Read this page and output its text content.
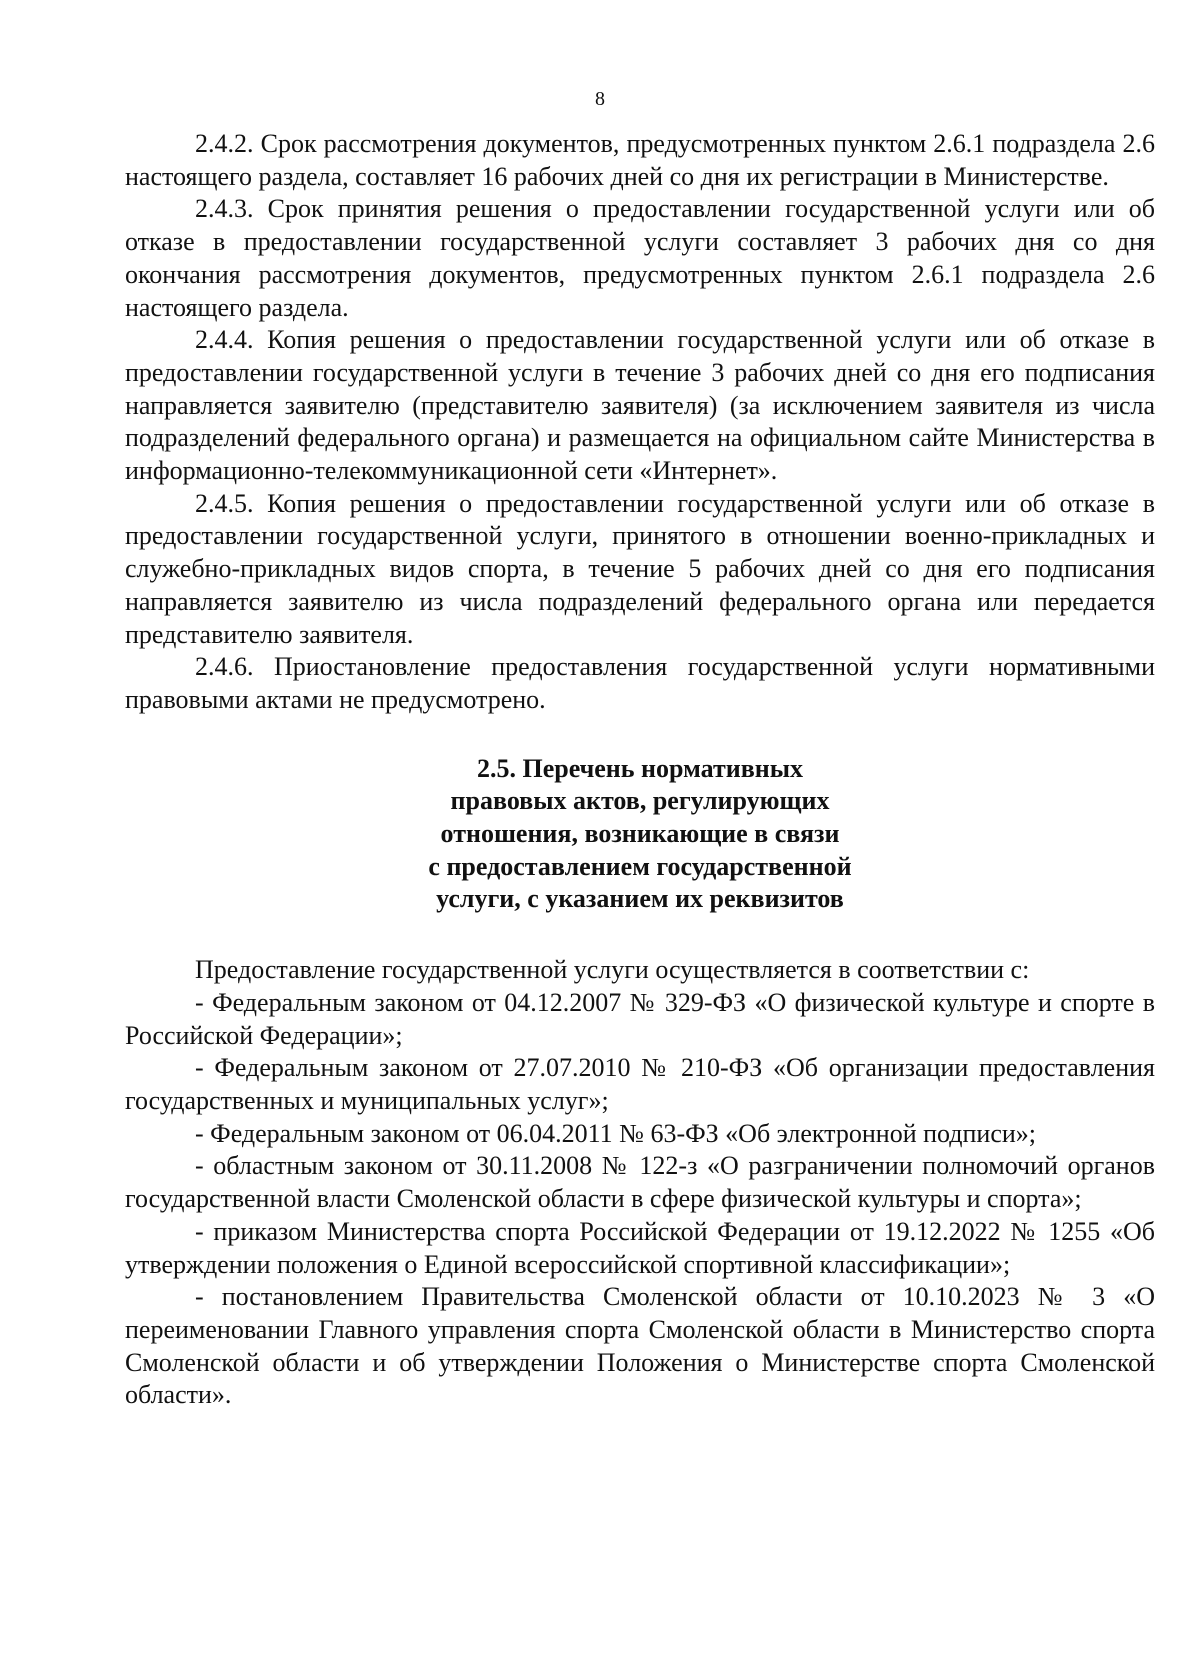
8

2.4.2. Срок рассмотрения документов, предусмотренных пунктом 2.6.1 подраздела 2.6 настоящего раздела, составляет 16 рабочих дней со дня их регистрации в Министерстве.

2.4.3. Срок принятия решения о предоставлении государственной услуги или об отказе в предоставлении государственной услуги составляет 3 рабочих дня со дня окончания рассмотрения документов, предусмотренных пунктом 2.6.1 подраздела 2.6 настоящего раздела.

2.4.4. Копия решения о предоставлении государственной услуги или об отказе в предоставлении государственной услуги в течение 3 рабочих дней со дня его подписания направляется заявителю (представителю заявителя) (за исключением заявителя из числа подразделений федерального органа) и размещается на официальном сайте Министерства в информационно-телекоммуникационной сети «Интернет».

2.4.5. Копия решения о предоставлении государственной услуги или об отказе в предоставлении государственной услуги, принятого в отношении военно-прикладных и служебно-прикладных видов спорта, в течение 5 рабочих дней со дня его подписания направляется заявителю из числа подразделений федерального органа или передается представителю заявителя.

2.4.6. Приостановление предоставления государственной услуги нормативными правовыми актами не предусмотрено.

2.5. Перечень нормативных
правовых актов, регулирующих
отношения, возникающие в связи
с предоставлением государственной
услуги, с указанием их реквизитов

Предоставление государственной услуги осуществляется в соответствии с:

- Федеральным законом от 04.12.2007 № 329-ФЗ «О физической культуре и спорте в Российской Федерации»;

- Федеральным законом от 27.07.2010 № 210-ФЗ «Об организации предоставления государственных и муниципальных услуг»;

- Федеральным законом от 06.04.2011 № 63-ФЗ «Об электронной подписи»;

- областным законом от 30.11.2008 № 122-з «О разграничении полномочий органов государственной власти Смоленской области в сфере физической культуры и спорта»;

- приказом Министерства спорта Российской Федерации от 19.12.2022 № 1255 «Об утверждении положения о Единой всероссийской спортивной классификации»;

- постановлением Правительства Смоленской области от 10.10.2023 № 3 «О переименовании Главного управления спорта Смоленской области в Министерство спорта Смоленской области и об утверждении Положения о Министерстве спорта Смоленской области».
